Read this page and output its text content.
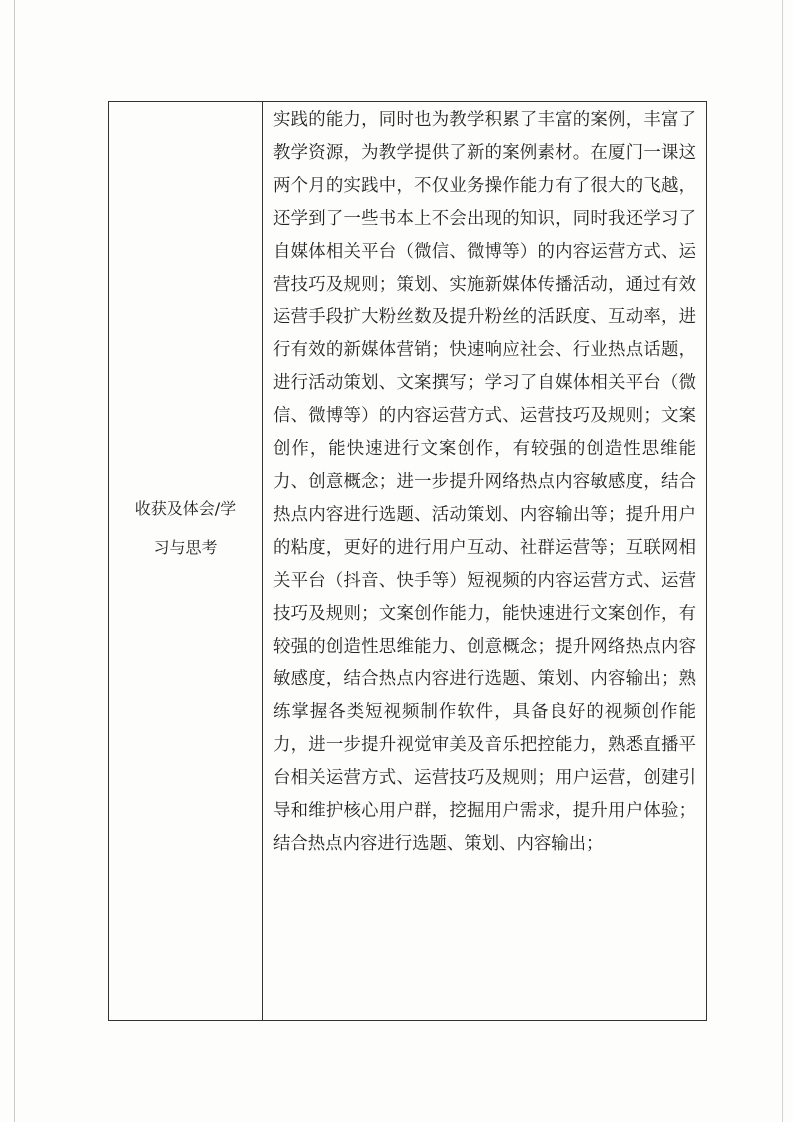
收获及体会/学习与思考

实践的能力，同时也为教学积累了丰富的案例，丰富了教学资源，为教学提供了新的案例素材。在厦门一课这两个月的实践中，不仅业务操作能力有了很大的飞越，还学到了一些书本上不会出现的知识，同时我还学习了自媒体相关平台（微信、微博等）的内容运营方式、运营技巧及规则；策划、实施新媒体传播活动，通过有效运营手段扩大粉丝数及提升粉丝的活跃度、互动率，进行有效的新媒体营销；快速响应社会、行业热点话题，进行活动策划、文案撰写；学习了自媒体相关平台（微信、微博等）的内容运营方式、运营技巧及规则；文案创作，能快速进行文案创作，有较强的创造性思维能力、创意概念；进一步提升网络热点内容敏感度，结合热点内容进行选题、活动策划、内容输出等；提升用户的粘度，更好的进行用户互动、社群运营等；互联网相关平台（抖音、快手等）短视频的内容运营方式、运营技巧及规则；文案创作能力，能快速进行文案创作，有较强的创造性思维能力、创意概念；提升网络热点内容敏感度，结合热点内容进行选题、策划、内容输出；熟练掌握各类短视频制作软件，具备良好的视频创作能力，进一步提升视觉审美及音乐把控能力，熟悉直播平台相关运营方式、运营技巧及规则；用户运营，创建引导和维护核心用户群，挖掘用户需求，提升用户体验；结合热点内容进行选题、策划、内容输出；
